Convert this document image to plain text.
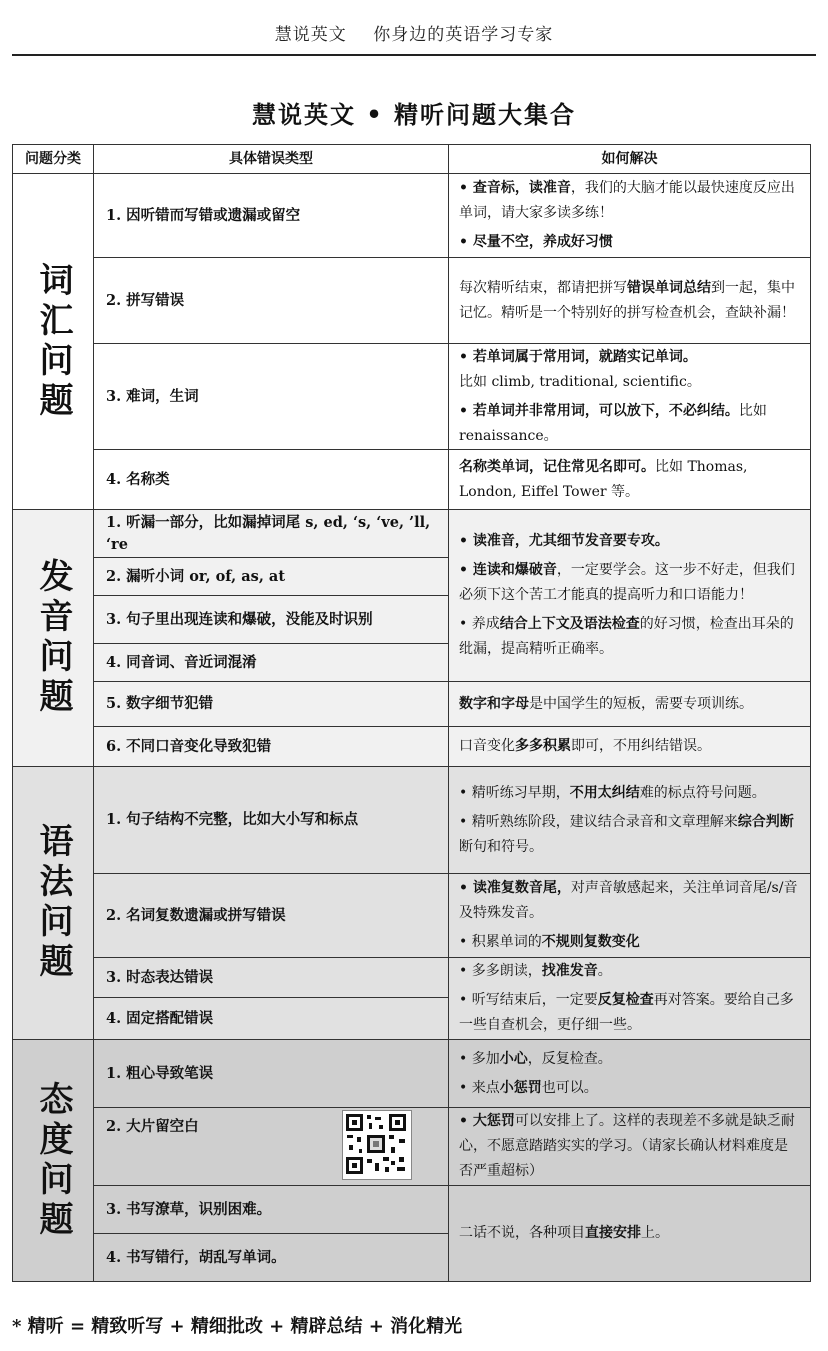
慧说英文 你身边的英语学习专家
慧说英文 • 精听问题大集合
问题分类	具体错误类型	如何解决
词汇问题
1. 因听错而写错或遗漏或留空
2. 拼写错误
3. 难词，生词
4. 名称类

• 查音标，读准音，我们的大脑才能以最快速度反应出单词，请大家多读多练！

• 尽量不空，养成好习惯

每次精听结束，都请把拼写错误单词总结到一起，集中记忆。精听是一个特别好的拼写检查机会，查缺补漏！

• 若单词属于常用词，就踏实记单词。
比如 climb, traditional, scientific。

• 若单词并非常用词，可以放下，不必纠结。比如 renaissance。

名称类单词，记住常见名即可。比如 Thomas, London, Eiffel Tower 等。

发音问题
1. 听漏一部分，比如漏掉词尾 s, ed, ‘s, ‘ve, ’ll, ‘re
2. 漏听小词 or, of, as, at
3. 句子里出现连读和爆破，没能及时识别
4. 同音词、音近词混淆
5. 数字细节犯错
6. 不同口音变化导致犯错

• 读准音，尤其细节发音要专攻。

• 连读和爆破音，一定要学会。这一步不好走，但我们必须下这个苦工才能真的提高听力和口语能力！

• 养成结合上下文及语法检查的好习惯，检查出耳朵的纰漏，提高精听正确率。

数字和字母是中国学生的短板，需要专项训练。

口音变化多多积累即可，不用纠结错误。

语法问题
1. 句子结构不完整，比如大小写和标点
2. 名词复数遗漏或拼写错误
3. 时态表达错误
4. 固定搭配错误

• 精听练习早期，不用太纠结难的标点符号问题。

• 精听熟练阶段，建议结合录音和文章理解来综合判断断句和符号。

• 读准复数音尾，对声音敏感起来，关注单词音尾/s/音及特殊发音。

• 积累单词的不规则复数变化

• 多多朗读，找准发音。

• 听写结束后，一定要反复检查再对答案。要给自己多一些自查机会，更仔细一些。

态度问题
1. 粗心导致笔误
2. 大片留空白
3. 书写潦草，识别困难。
4. 书写错行，胡乱写单词。

• 多加小心，反复检查。

• 来点小惩罚也可以。

• 大惩罚可以安排上了。这样的表现差不多就是缺乏耐心，不愿意踏踏实实的学习。（请家长确认材料难度是否严重超标）

二话不说，各种项目直接安排上。

* 精听 = 精致听写 + 精细批改 + 精辟总结 + 消化精光
